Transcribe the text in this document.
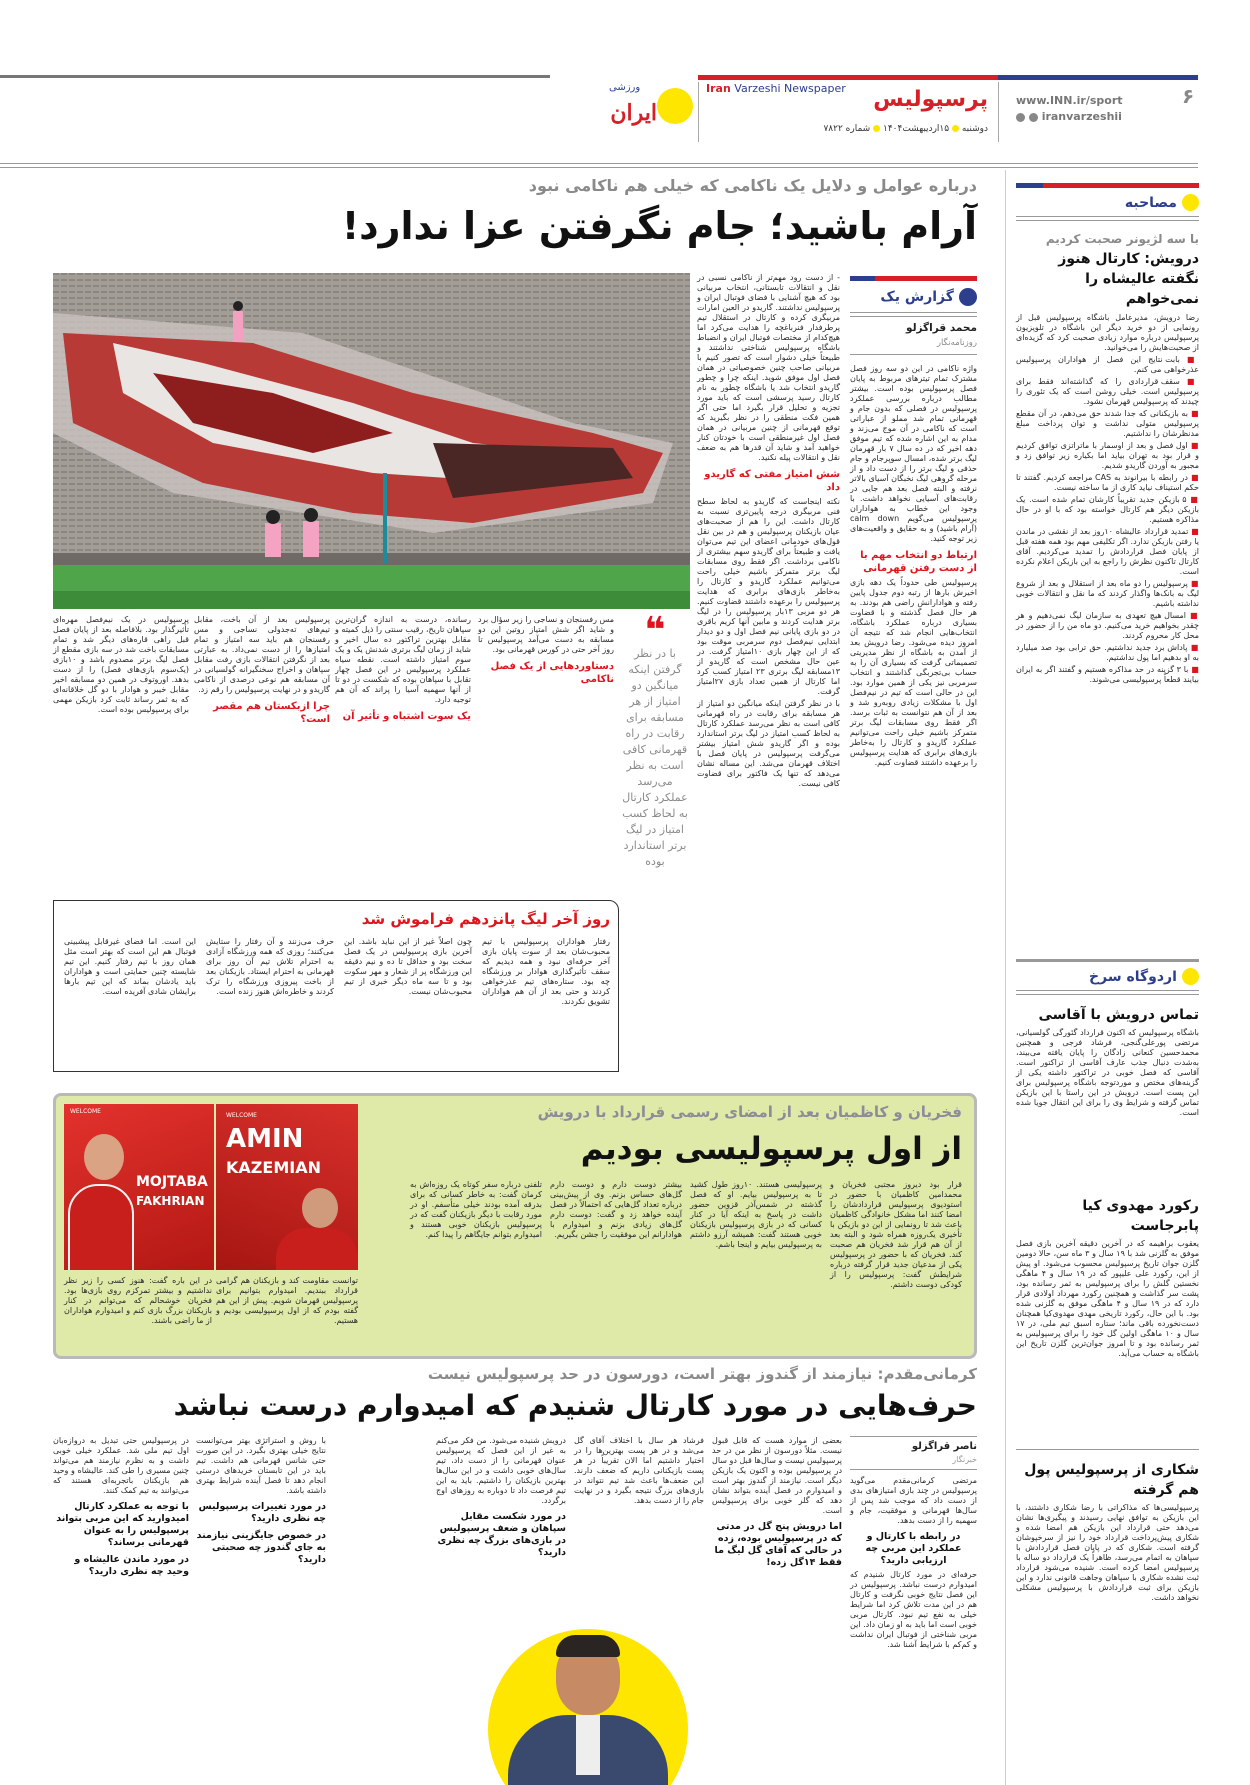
۶
www.INN.ir/sport
iranvarzeshii
پرسپولیس
دوشنبه  ۱۵اردیبهشت۱۴۰۴  شماره ۷۸۲۲
Iran Varzeshi Newspaper
ورزشی
ایران
درباره عوامل و دلایل یک ناکامی که خیلی هم ناکامی نبود
آرام باشید؛ جام نگرفتن عزا ندارد!
گزارش یک
محمد قراگزلو
روزنامه‌نگار

واژه ناکامی در این دو سه روز فصل مشترک تمام تیترهای مربوط به پایان فصل پرسپولیس بوده است. بیشتر مطالب درباره بررسی عملکرد پرسپولیس در فصلی که بدون جام و قهرمانی تمام شد مملو از عباراتی است که ناکامی در آن موج می‌زند و مدام به این اشاره شده که تیم موفق دهه اخیر که در ده سال ۷ بار قهرمان لیگ برتر شده، امسال سوپرجام و جام حذفی و لیگ برتر را از دست داد و از مرحله گروهی لیگ نخبگان آسیای بالاتر نرفته و البته فصل بعد هم جایی در رقابت‌های آسیایی نخواهد داشت. با وجود این خطاب به هواداران پرسپولیس می‌گویم calm down (آرام باشید) و به حقایق و واقعیت‌های زیر توجه کنید.

ارتباط دو انتخاب مهم با از دست رفتن قهرمانی

پرسپولیس طی حدوداً یک دهه بازی اخیرش بارها از رتبه دوم جدول پایین رفته و هوادارانش راضی هم بودند. به هر حال فصل گذشته و با قضاوت بسیاری درباره عملکرد باشگاه، انتخاب‌هایی انجام شد که نتیجه آن امروز دیده می‌شود. رضا درویش بعد از آمدن به باشگاه از نظر مدیریتی تصمیماتی گرفت که بسیاری آن را به حساب بی‌تجربگی گذاشتند و انتخاب سرمربی نیز یکی از همین موارد بود. این در حالی است که تیم در نیم‌فصل اول با مشکلات زیادی روبه‌رو شد و بعد از آن هم نتوانست به ثبات برسد. اگر فقط روی مسابقات لیگ برتر متمرکز باشیم خیلی راحت می‌توانیم عملکرد گاریدو و کارتال را به‌خاطر بازی‌های برابری که هدایت پرسپولیس را برعهده داشتند قضاوت کنیم.

- از دست رود مهم‌تر از ناکامی نسبی در نقل و انتقالات تابستانی، انتخاب مربیانی بود که هیچ آشنایی با فضای فوتبال ایران و پرسپولیس نداشتند. گاریدو در العین امارات مربیگری کرده و کارتال در استقلال تیم پرطرفدار فنرباغچه را هدایت می‌کرد اما هیچ‌کدام از مختصات فوتبال ایران و انضباط باشگاه پرسپولیس شناختی نداشتند و طبیعتاً خیلی دشوار است که تصور کنیم با مربیانی صاحب چنین خصوصیاتی در همان فصل اول موفق شوید. اینکه چرا و چطور گاریدو انتخاب شد یا باشگاه چطور به نام کارتال رسید پرسشی است که باید مورد تجزیه و تحلیل قرار بگیرد اما حتی اگر همین فکت منطقی را در نظر بگیرید که توقع قهرمانی از چنین مربیانی در همان فصل اول غیرمنطقی است با خودتان کنار خواهید آمد و شاید آن قدرها هم به ضعف نقل و انتقالات پیله نکنید.

شش امتیاز مفتی که گاریدو داد

نکته اینجاست که گاریدو به لحاظ سطح فنی مربیگری درجه پایین‌تری نسبت به کارتال داشت. این را هم از صحبت‌های عیان بازیکنان پرسپولیس و هم در بین نقل قول‌های خودمانی اعضای این تیم می‌توان یافت و طبیعتاً برای گاریدو سهم بیشتری از ناکامی برداشت. اگر فقط روی مسابقات لیگ برتر متمرکز باشیم خیلی راحت می‌توانیم عملکرد گاریدو و کارتال را به‌خاطر بازی‌های برابری که هدایت پرسپولیس را برعهده داشتند قضاوت کنیم. هر دو مربی ۱۳بار پرسپولیس را در لیگ برتر هدایت کردند و مابین آنها کریم باقری در دو بازی پایانی نیم فصل اول و دو دیدار ابتدایی نیم‌فصل دوم سرمربی موقت بود که از این چهار بازی ۱۰امتیاز گرفت. در عین حال مشخص است که گاریدو از ۱۳مسابقه لیگ برتری ۲۳ امتیاز کسب کرد اما کارتال از همین تعداد بازی ۲۷امتیاز گرفت.

با در نظر گرفتن اینکه میانگین دو امتیاز از هر مسابقه برای رقابت در راه قهرمانی کافی است به نظر می‌رسد عملکرد کارتال به لحاظ کسب امتیاز در لیگ برتر استاندارد بوده و اگر گاریدو شش امتیاز بیشتر می‌گرفت پرسپولیس در پایان فصل با اختلاف قهرمان می‌شد. این مساله نشان می‌دهد که تنها یک فاکتور برای قضاوت کافی نیست.

❝
با در نظر گرفتن اینکه میانگین دو امتیاز از هر مسابقه برای رقابت در راه قهرمانی کافی است به نظر می‌رسد عملکرد کارتال به لحاظ کسب امتیاز در لیگ برتر استاندارد بوده

مس رفسنجان و نساجی را زیر سؤال برد و شاید اگر شش امتیاز روتین این دو مسابقه به دست می‌آمد پرسپولیس تا روز آخر حتی در کورس قهرمانی بود.

دستاوردهایی از یک فصل ناکامی

رسانده، درست به اندازه گران‌ترین سپاهان تاریخ، رقیب سنتی را ذیل کمیته و مقابل بهترین تراکتور ده سال اخیر و شاید از زمان لیگ برتری شدنش یک و یک سوم امتیاز داشته است. نقطه سیاه عملکرد پرسپولیس در این فصل چهار تقابل با سپاهان بوده که شکست در دو تا از آنها سهمیه آسیا را پراند که آن هم توجیه دارد.

یک سوت اشتباه و تأثیر آن

پرسپولیس بعد از آن باخت، مقابل تیم‌های ته‌جدولی نساجی و مس رفسنجان هم باید سه امتیاز و تمام امتیازها را از دست نمی‌داد. به عبارتی بعد از نگرفتن انتقالات بازی رفت مقابل سپاهان و اخراج سخنگیرانه گولسیانی در آن مسابقه هم نوعی درصدی از ناکامی گاریدو و در نهایت پرسپولیس را رقم زد.

چرا ازبکستان هم مقصر است؟

پرسپولیس در یک نیم‌فصل مهره‌ای تأثیرگذار بود. بلافاصله بعد از پایان فصل قبل راهی قاره‌های دیگر شد و تمام مسابقات باخت شد در سه بازی مقطع از فصل لیگ برتر مصدوم باشد و ۱۰بازی (یک‌سوم بازی‌های فصل) را از دست بدهد. اوروتوف در همین دو مسابقه اخیر مقابل خیبر و هوادار با دو گل خلاقانه‌ای که به ثمر رساند ثابت کرد بازیکن مهمی برای پرسپولیس بوده است.

روز آخر لیگ پانزدهم فراموش شد

رفتار هواداران پرسپولیس با تیم محبوب‌شان بعد از سوت پایان بازی آخر حرفه‌ای نبود و همه دیدیم که سقف تأثیرگذاری هوادار بر ورزشگاه چه بود. ستاره‌های تیم عذرخواهی کردند و حتی بعد از آن هم هواداران تشویق نکردند.

چون اصلاً غیر از این نباید باشد. این آخرین بازی پرسپولیس در یک فصل سخت بود و حداقل تا ده و نیم دقیقه این ورزشگاه پر از شعار و مهر سکوت بود و تا سه ماه دیگر خبری از تیم محبوب‌شان نیست.

حرف می‌زنند و آن رفتار را ستایش می‌کنند؛ روزی که همه ورزشگاه آزادی به احترام تلاش تیم آن روز برای قهرمانی به احترام ایستاد. بازیکنان بعد از باخت پیروزی ورزشگاه را ترک کردند و خاطره‌اش هنوز زنده است.

این است. اما فضای غیرقابل پیشبینی فوتبال هم این است که بهتر است مثل همان روز با تیم رفتار کنیم. این تیم شایسته چنین حمایتی است و هواداران باید یادشان بماند که این تیم بارها برایشان شادی آفریده است.

فخریان و کاظمیان بعد از امضای رسمی قرارداد با درویش
از اول پرسپولیسی بودیم
WELCOME
MOJTABA
FAKHRIAN
WELCOME
AMIN
KAZEMIAN

قرار بود دیروز مجتبی فخریان و محمدامین کاظمیان با حضور در استودیوی پرسپولیس قراردادشان را امضا کنند اما مشکل خانوادگی کاظمیان باعث شد تا رونمایی از این دو بازیکن با تأخیری یک‌روزه همراه شود و البته بعد از آن هم قرار شد فخریان هم صحبت کند. فخریان که با حضور در پرسپولیس یکی از مدعیان جدید قرار گرفته درباره شرایطش گفت: پرسپولیس را از کودکی دوست داشتم.

پرسپولیسی هستند. ۱۰روز طول کشید تا به پرسپولیس بیایم. او که فصل گذشته در شمس‌آذر قزوین حضور داشت در پاسخ به اینکه آیا در کنار کسانی که در بازی پرسپولیس بازیکنان خوبی هستند گفت: همیشه آرزو داشتم به پرسپولیس بیایم و اینجا باشم.

بیشتر دوست دارم و دوست دارم گل‌های حساس بزنم. وی از پیش‌بینی درباره تعداد گل‌هایی که احتمالاً در فصل آینده خواهد زد و گفت: دوست دارم گل‌های زیادی بزنم و امیدوارم با هوادارانم این موفقیت را جشن بگیریم.

تلفنی درباره سفر کوتاه یک روزه‌اش به کرمان گفت: به خاطر کسانی که برای بدرقه آمده بودند خیلی متأسفم. او در مورد رقابت با دیگر بازیکنان گفت که در پرسپولیس بازیکنان خوبی هستند و امیدوارم بتوانم جایگاهم را پیدا کنم.

توانست مقاومت کند و بازیکنان هم گرامی قرارداد ببندیم. امیدوارم بتوانیم برای پرسپولیس قهرمان شویم. پیش از این هم گفته بودم که از اول پرسپولیسی بودیم و هستیم.

در این باره گفت: هنوز کسی را زیر نظر نداشتیم و بیشتر تمرکزم روی بازی‌ها بود. فخریان خوشحالم که می‌توانم در کنار بازیکنان بزرگ بازی کنم و امیدوارم هواداران از ما راضی باشند.

کرمانی‌مقدم: نیازمند از گندوز بهتر است، دورسون در حد پرسپولیس نیست
حرف‌هایی در مورد کارتال شنیدم که امیدوارم درست نباشد
ناصر قراگزلو
خبرنگار

مرتضی کرمانی‌مقدم می‌گوید پرسپولیس در چند بازی امتیازهای بدی از دست داد که موجب شد پس از سال‌ها قهرمانی و موفقیت، جام و سهمیه را از دست بدهد.

در رابطه با کارتال و عملکرد این مربی چه ارزیابی دارید؟

حرفه‌ای در مورد کارتال شنیدم که امیدوارم درست نباشد. پرسپولیس در این فصل نتایج خوبی نگرفت و کارتال هم در این مدت تلاش کرد اما شرایط خیلی به نفع تیم نبود. کارتال مربی خوبی است اما باید به او زمان داد. این مربی شناختی از فوتبال ایران نداشت و کم‌کم با شرایط آشنا شد.

بعضی از موارد هست که قابل قبول نیست. مثلاً دورسون از نظر من در حد پرسپولیس نیست و سال‌ها قبل دو سال در پرسپولیس بوده و اکنون یک بازیکن دیگر است. نیازمند از گندوز بهتر است و امیدوارم در فصل آینده بتواند نشان دهد که گلر خوبی برای پرسپولیس است.

اما درویش پنج گل در مدتی که در پرسپولیس بوده، زده در حالی که آقای گل لیگ ما فقط ۱۴گل زده!

فرشاد هر سال با اختلاف آقای گل می‌شد و در هر پست بهترین‌ها را در اختیار داشتیم اما الان تقریباً در هر پست بازیکنانی داریم که ضعف دارند. این ضعف‌ها باعث شد تیم نتواند در بازی‌های بزرگ نتیجه بگیرد و در نهایت جام را از دست بدهد.

درویش شنیده می‌شود. من فکر می‌کنم به غیر از این فصل که پرسپولیس عنوان قهرمانی را از دست داد، تیم سال‌های خوبی داشت و در این سال‌ها بهترین بازیکنان را داشتیم. باید به این تیم فرصت داد تا دوباره به روزهای اوج برگردد.

در مورد شکست مقابل سپاهان و ضعف پرسپولیس در بازی‌های بزرگ چه نظری دارید؟

با روش و استراتژی بهتر می‌توانست نتایج خیلی بهتری بگیرد. در این صورت حتی شانس قهرمانی هم داشت. تیم باید در این تابستان خریدهای درستی انجام دهد تا فصل آینده شرایط بهتری داشته باشد.

در مورد تغییرات پرسپولیس چه نظری دارید؟
در خصوص جایگزینی نیازمند به جای گندوز چه صحبتی دارید؟

در پرسپولیس حتی تبدیل به دروازه‌بان اول تیم ملی شد. عملکرد خیلی خوبی داشت و به نظرم نیازمند هم می‌تواند چنین مسیری را طی کند. عالیشاه و وحید هم بازیکنان باتجربه‌ای هستند که می‌توانند به تیم کمک کنند.

با توجه به عملکرد کارتال امیدوارید که این مربی بتواند پرسپولیس را به عنوان قهرمانی برساند؟
در مورد ماندن عالیشاه و وحید چه نظری دارید؟
مصاحبه
با سه لژیونر صحبت کردیم
درویش: کارتال هنوز نگفته عالیشاه را نمی‌خواهم

رضا درویش، مدیرعامل باشگاه پرسپولیس قبل از رونمایی از دو خرید دیگر این باشگاه در تلویزیون پرسپولیس درباره موارد زیادی صحبت کرد که گزیده‌ای از صحبت‌هایش را می‌خوانید.

■ بابت نتایج این فصل از هواداران پرسپولیس عذرخواهی می کنم.

■ سقف قراردادی را که گذاشته‌اند فقط برای پرسپولیس است. خیلی روشن است که یک تئوری را چیدند که پرسپولیس قهرمان نشود.

■ به بازیکنانی که جدا شدند حق می‌دهم، در آن مقطع پرسپولیس متولی نداشت و توان پرداخت مبلغ مدنظرشان را نداشتیم.

■ اول فصل و بعد از اوسمار با ماتراتزی توافق کردیم و قرار بود به تهران بیاید اما بکیاره زیر توافق زد و مجبور به آوردن گاریدو شدیم.

■ در رابطه با بیرانوند به CAS مراجعه کردیم. گفتند تا حکم استیناف نیاید کاری از ما ساخته نیست.

■ ۵ بازیکن جدید تقریباً کارشان تمام شده است. یک بازیکن دیگر هم کارتال خواسته بود که با او در حال مذاکره هستیم.

■ تمدید قرارداد عالیشاه ۱۰روز بعد از نقشی در ماندن یا رفتن بازیکن ندارد. اگر تکلیفی مهم بود همه هفته قبل از پایان فصل قراردادش را تمدید می‌کردیم. آقای کارتال تاکنون نظرش را راجع به این بازیکن اعلام نکرده است.

■ پرسپولیس را دو ماه بعد از استقلال و بعد از شروع لیگ به بانک‌ها واگذار کردند که ما نقل و انتقالات خوبی نداشته باشیم.

■ امسال هیچ تعهدی به سازمان لیگ نمی‌دهیم و هر چقدر بخواهیم خرید می‌کنیم. دو ماه من را از حضور در محل کار محروم کردند.

■ پاداش برد جدید نداشتیم. حق ترابی بود صد میلیارد به او بدهیم اما پول نداشتیم.

■ با ۳ گزینه در حد مذاکره هستیم و گفتند اگر به ایران بیایند قطعاً پرسپولیسی می‌شوند.

اردوگاه سرخ
تماس درویش با آقاسی

باشگاه پرسپولیس که اکنون قرارداد گئورگی گولسیانی، مرتضی پورعلی‌گنجی، فرشاد فرجی و همچنین محمدحسین کنعانی زادگان را پایان یافته می‌بیند، به‌شدت دنبال جذب عارف آقاسی از تراکتور است. آقاسی که فصل خوبی در تراکتور داشته یکی از گزینه‌های مختص و موردتوجه باشگاه پرسپولیس برای این پست است. درویش در این راستا با این بازیکن تماس گرفته و شرایط وی را برای این انتقال جویا شده است.

رکورد مهدوی کیا پابرجاست

یعقوب براهیمه که در آخرین دقیقه آخرین بازی فصل موفق به گلزنی شد با ۱۹ سال و ۳ ماه سن، حالا دومین گلزن جوان تاریخ پرسپولیس محسوب می‌شود. او پیش از این، رکورد علی علیپور که در ۱۹ سال و ۴ ماهگی نخستین گلش را برای پرسپولیس به ثمر رسانده بود، پشت سر گذاشت و همچنین رکورد مهرداد اولادی قرار دارد که در ۱۹ سال و ۴ ماهگی موفق به گلزنی شده بود. با این حال، رکورد تاریخی مهدی مهدوی‌کیا همچنان دست‌نخورده باقی ماند؛ ستاره اسبق تیم ملی، در ۱۷ سال و ۱۰ ماهگی اولین گل خود را برای پرسپولیس به ثمر رسانده بود و تا امروز جوان‌ترین گلزن تاریخ این باشگاه به حساب می‌آید.

شکاری از پرسپولیس پول هم گرفته

پرسپولیسی‌ها که مذاکراتی با رضا شکاری داشتند، با این بازیکن به توافق نهایی رسیدند و پیگیری‌ها نشان می‌دهد حتی قرارداد این بازیکن هم امضا شده و شکاری پیش‌پرداخت قرارداد خود را نیز از سرخپوشان گرفته است. شکاری که در پایان فصل قراردادش با سپاهان به اتمام می‌رسد، ظاهراً یک قرارداد دو ساله با پرسپولیس امضا کرده است. شنیده می‌شود قرارداد ثبت نشده شکاری با سپاهان وجاهت قانونی ندارد و این بازیکن برای ثبت قراردادش با پرسپولیس مشکلی نخواهد داشت.
